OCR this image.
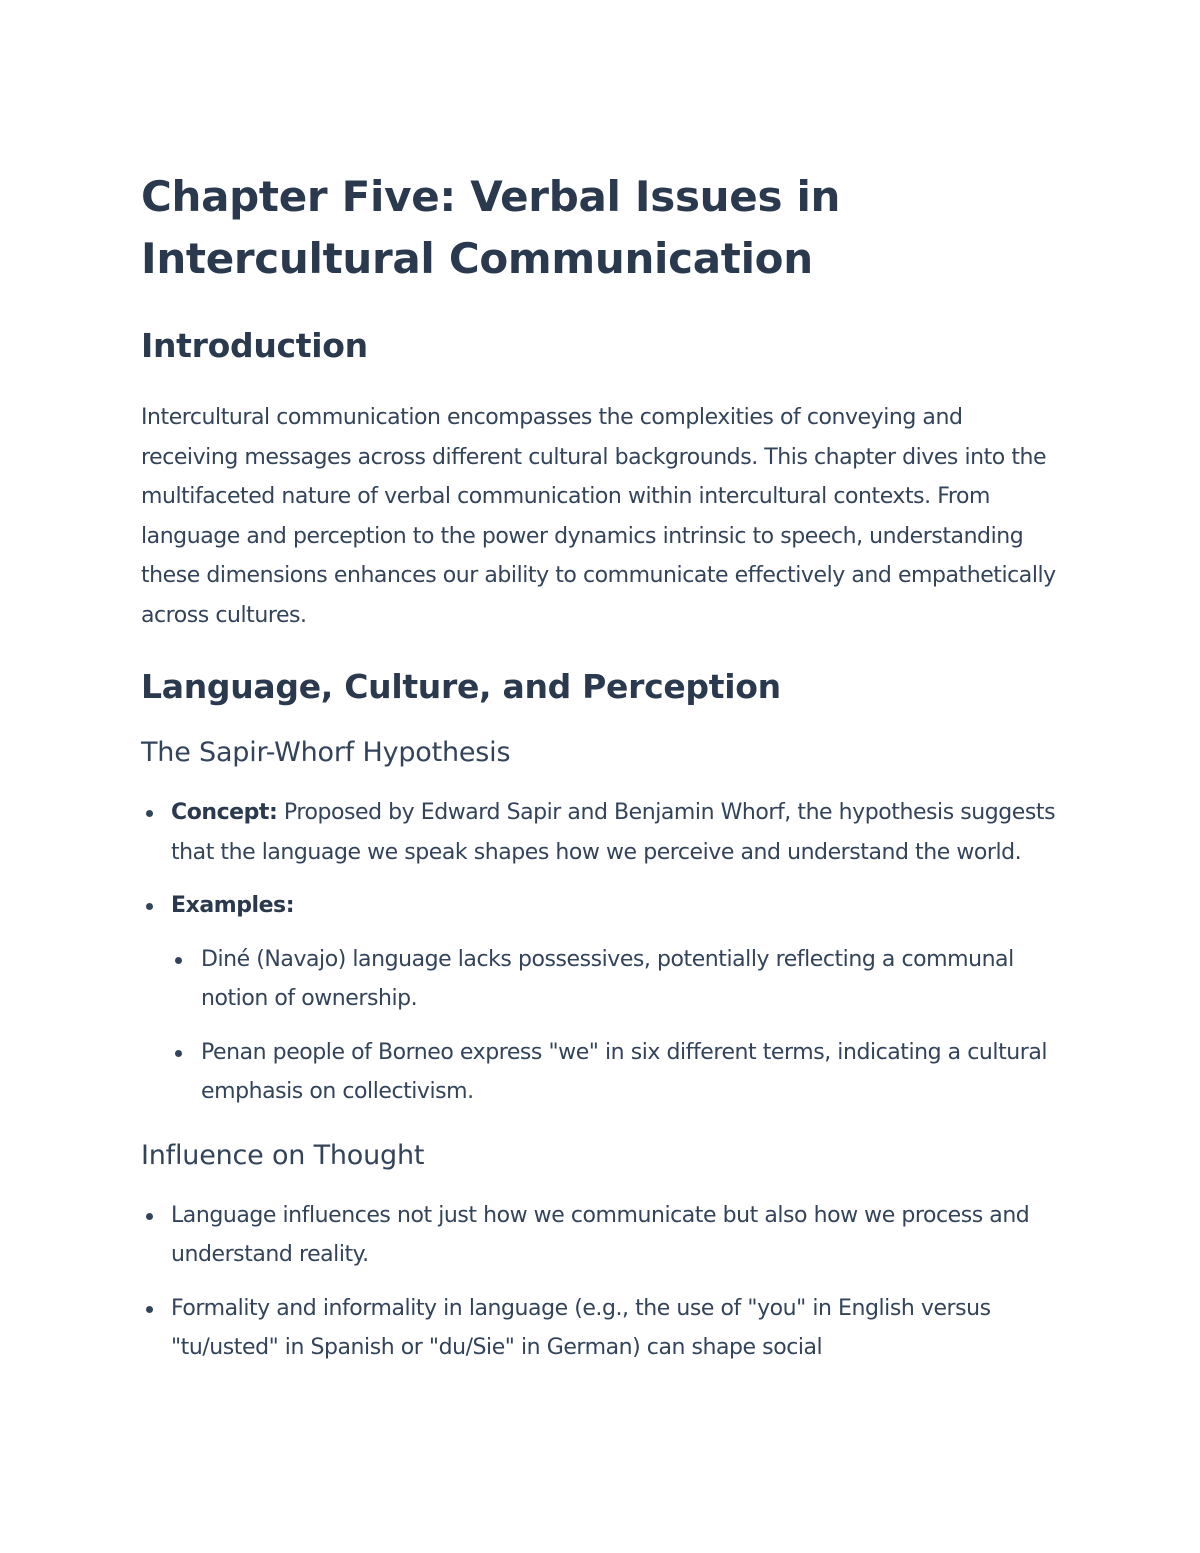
Chapter Five: Verbal Issues in Intercultural Communication
Introduction

Intercultural communication encompasses the complexities of conveying and receiving messages across different cultural backgrounds. This chapter dives into the multifaceted nature of verbal communication within intercultural contexts. From language and perception to the power dynamics intrinsic to speech, understanding these dimensions enhances our ability to communicate effectively and empathetically across cultures.

Language, Culture, and Perception
The Sapir-Whorf Hypothesis
Concept: Proposed by Edward Sapir and Benjamin Whorf, the hypothesis suggests that the language we speak shapes how we perceive and understand the world.
Examples:
Diné (Navajo) language lacks possessives, potentially reflecting a communal notion of ownership.
Penan people of Borneo express "we" in six different terms, indicating a cultural emphasis on collectivism.
Influence on Thought
Language influences not just how we communicate but also how we process and understand reality.
Formality and informality in language (e.g., the use of "you" in English versus "tu/usted" in Spanish or "du/Sie" in German) can shape social
